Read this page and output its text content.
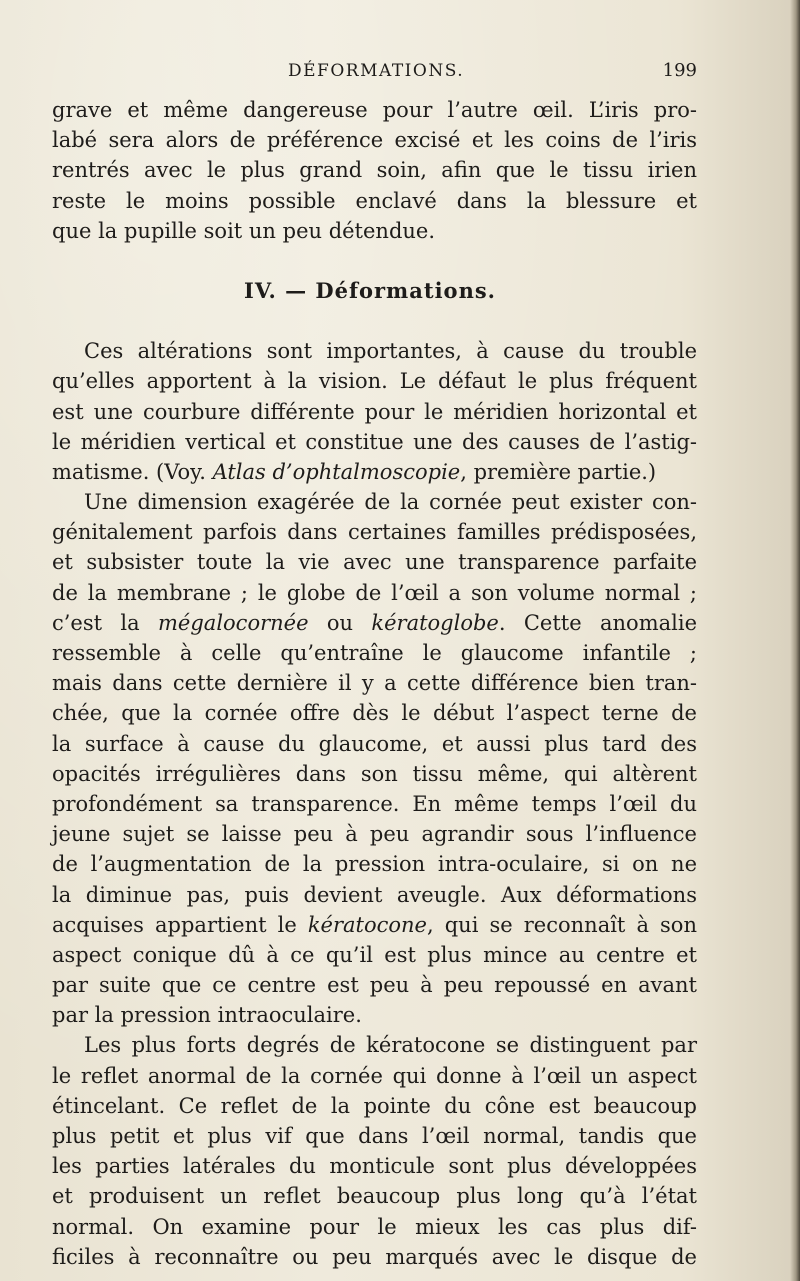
DÉFORMATIONS.	199
grave et même dangereuse pour l’autre œil. L’iris pro-
labé sera alors de préférence excisé et les coins de l’iris
rentrés avec le plus grand soin, afin que le tissu irien
reste le moins possible enclavé dans la blessure et
que la pupille soit un peu détendue.
IV. — Déformations.
Ces altérations sont importantes, à cause du trouble
qu’elles apportent à la vision. Le défaut le plus fréquent
est une courbure différente pour le méridien horizontal et
le méridien vertical et constitue une des causes de l’astig-
matisme. (Voy. Atlas d’ophtalmoscopie, première partie.)
Une dimension exagérée de la cornée peut exister con-
génitalement parfois dans certaines familles prédisposées,
et subsister toute la vie avec une transparence parfaite
de la membrane ; le globe de l’œil a son volume normal ;
c’est la mégalocornée ou kératoglobe. Cette anomalie
ressemble à celle qu’entraîne le glaucome infantile ;
mais dans cette dernière il y a cette différence bien tran-
chée, que la cornée offre dès le début l’aspect terne de
la surface à cause du glaucome, et aussi plus tard des
opacités irrégulières dans son tissu même, qui altèrent
profondément sa transparence. En même temps l’œil du
jeune sujet se laisse peu à peu agrandir sous l’influence
de l’augmentation de la pression intra-oculaire, si on ne
la diminue pas, puis devient aveugle. Aux déformations
acquises appartient le kératocone, qui se reconnaît à son
aspect conique dû à ce qu’il est plus mince au centre et
par suite que ce centre est peu à peu repoussé en avant
par la pression intraoculaire.
Les plus forts degrés de kératocone se distinguent par
le reflet anormal de la cornée qui donne à l’œil un aspect
étincelant. Ce reflet de la pointe du cône est beaucoup
plus petit et plus vif que dans l’œil normal, tandis que
les parties latérales du monticule sont plus développées
et produisent un reflet beaucoup plus long qu’à l’état
normal. On examine pour le mieux les cas plus dif-
ficiles à reconnaître ou peu marqués avec le disque de
